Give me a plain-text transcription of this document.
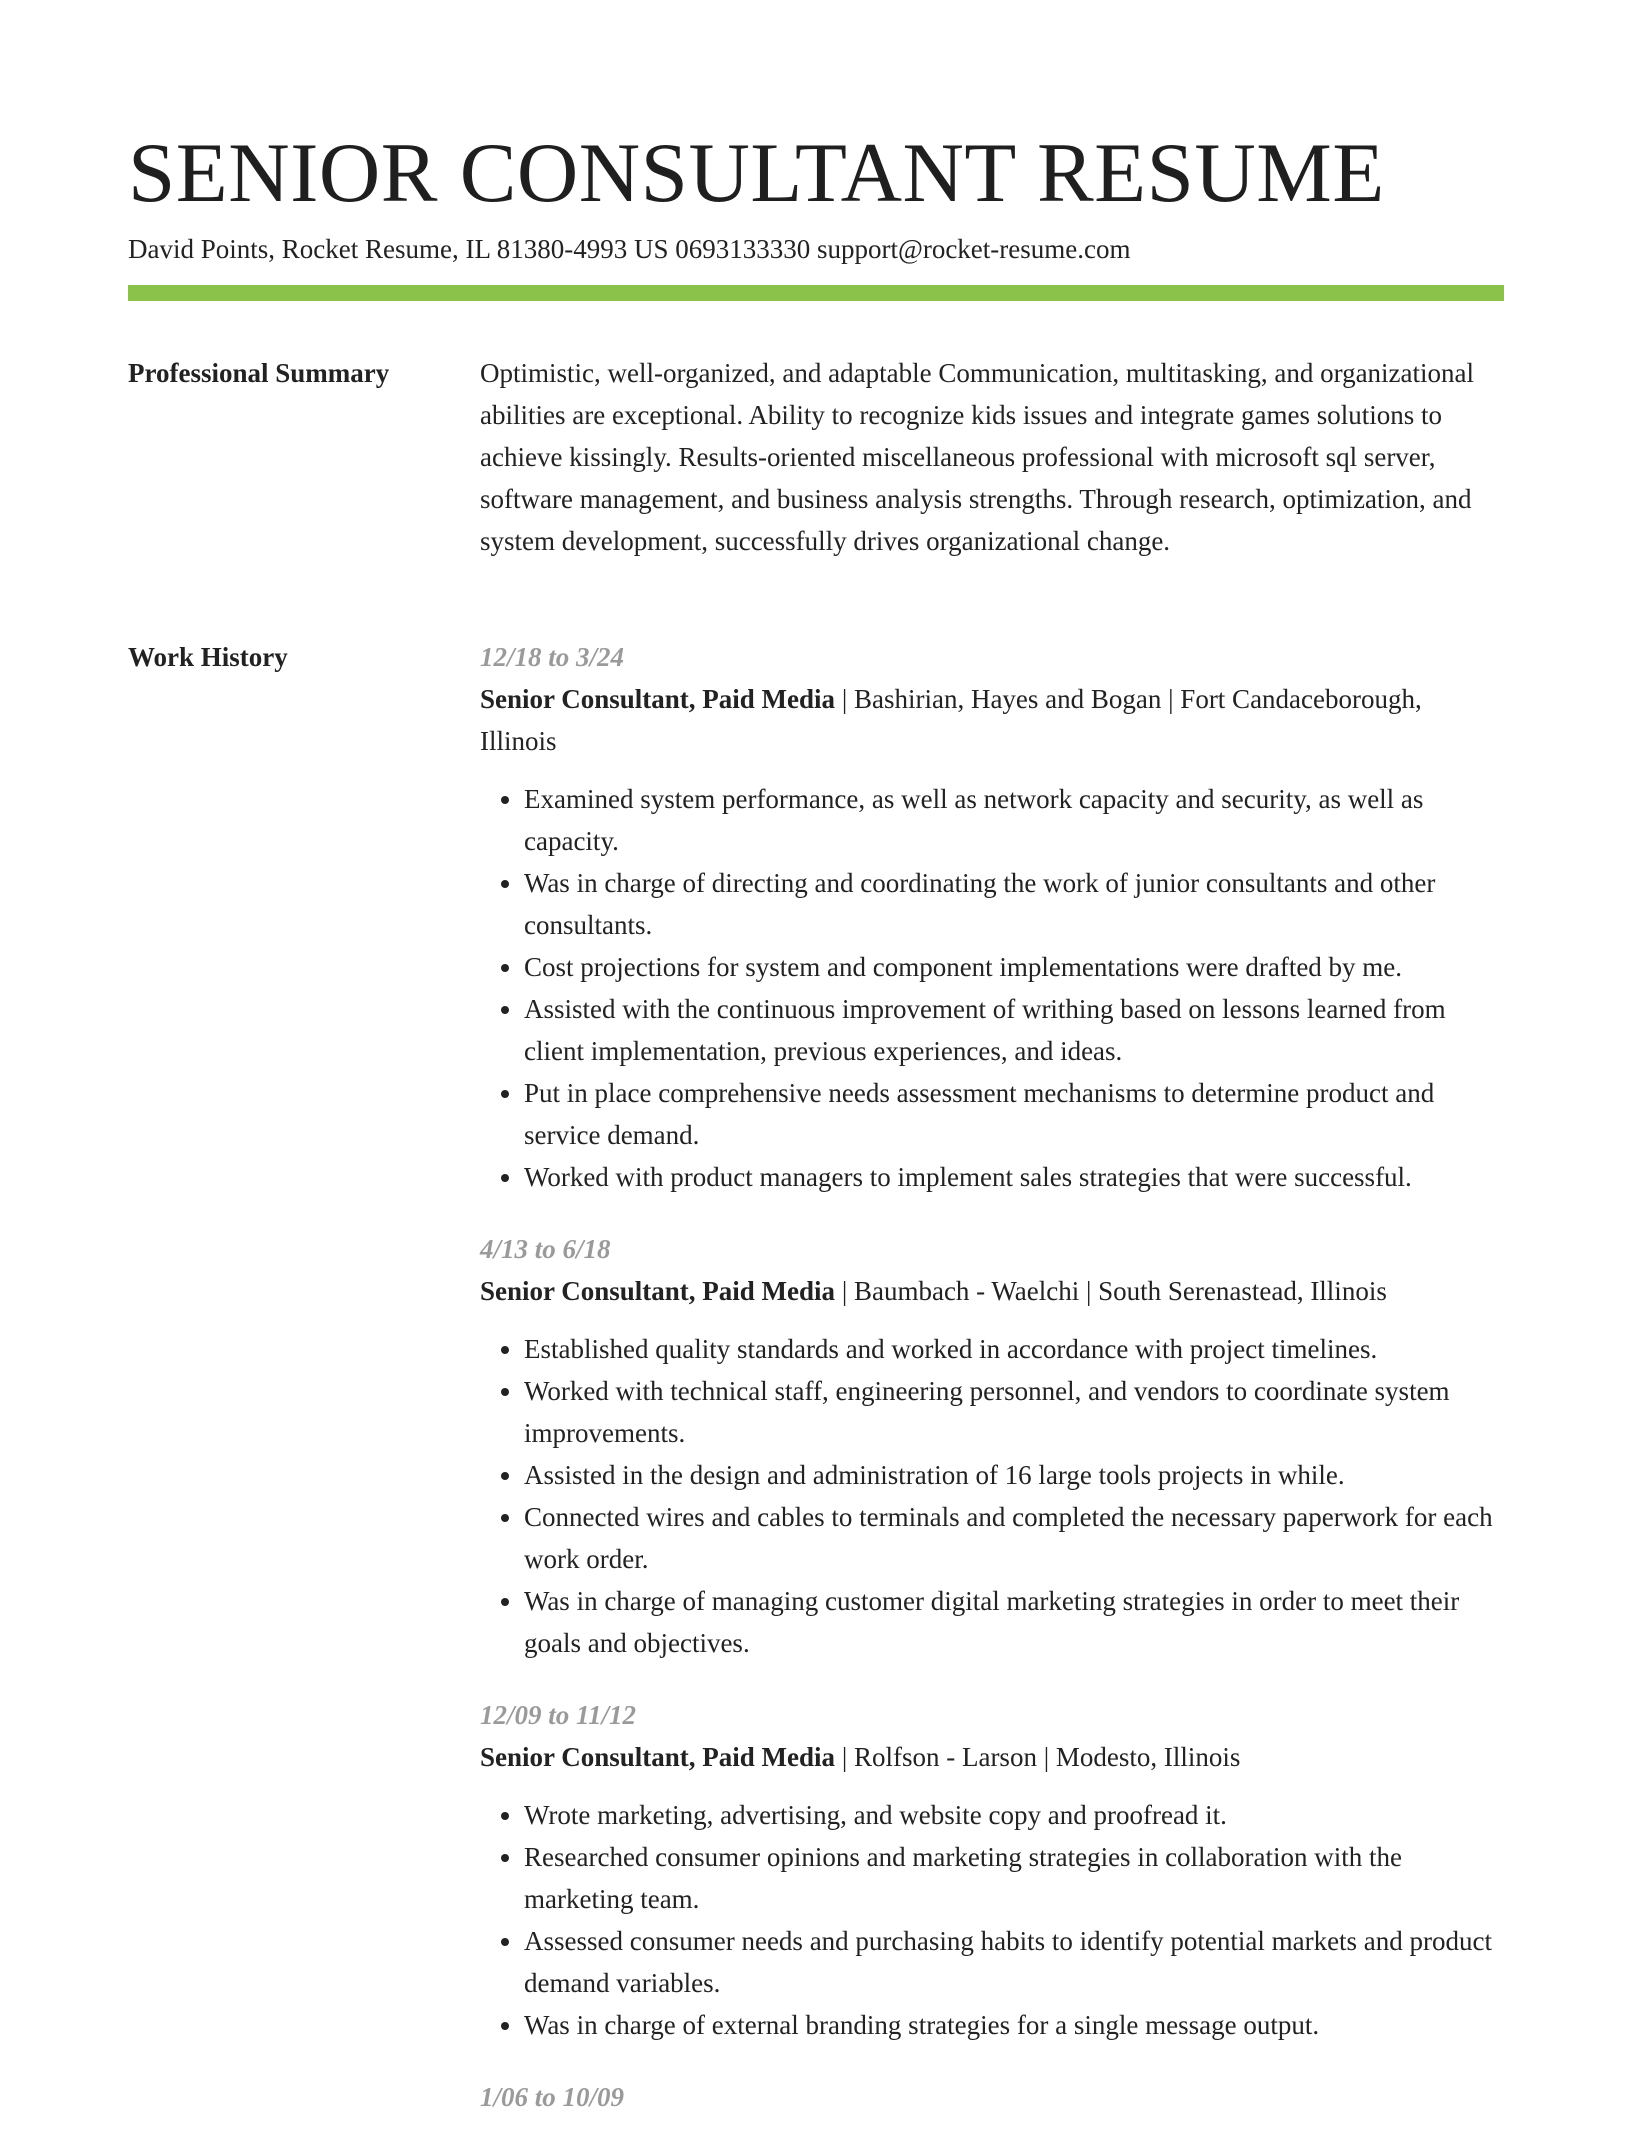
SENIOR CONSULTANT RESUME
David Points, Rocket Resume, IL 81380-4993 US 0693133330 support@rocket-resume.com
Professional Summary	Optimistic, well-organized, and adaptable Communication, multitasking, and organizational abilities are exceptional. Ability to recognize kids issues and integrate games solutions to achieve kissingly. Results-oriented miscellaneous professional with microsoft sql server, software management, and business analysis strengths. Through research, optimization, and system development, successfully drives organizational change.

Work History	12/18 to 3/24
Senior Consultant, Paid Media | Bashirian, Hayes and Bogan | Fort Candaceborough, Illinois
• Examined system performance, as well as network capacity and security, as well as capacity.
• Was in charge of directing and coordinating the work of junior consultants and other consultants.
• Cost projections for system and component implementations were drafted by me.
• Assisted with the continuous improvement of writhing based on lessons learned from client implementation, previous experiences, and ideas.
• Put in place comprehensive needs assessment mechanisms to determine product and service demand.
• Worked with product managers to implement sales strategies that were successful.
4/13 to 6/18
Senior Consultant, Paid Media | Baumbach - Waelchi | South Serenastead, Illinois
• Established quality standards and worked in accordance with project timelines.
• Worked with technical staff, engineering personnel, and vendors to coordinate system improvements.
• Assisted in the design and administration of 16 large tools projects in while.
• Connected wires and cables to terminals and completed the necessary paperwork for each work order.
• Was in charge of managing customer digital marketing strategies in order to meet their goals and objectives.
12/09 to 11/12
Senior Consultant, Paid Media | Rolfson - Larson | Modesto, Illinois
• Wrote marketing, advertising, and website copy and proofread it.
• Researched consumer opinions and marketing strategies in collaboration with the marketing team.
• Assessed consumer needs and purchasing habits to identify potential markets and product demand variables.
• Was in charge of external branding strategies for a single message output.
1/06 to 10/09
